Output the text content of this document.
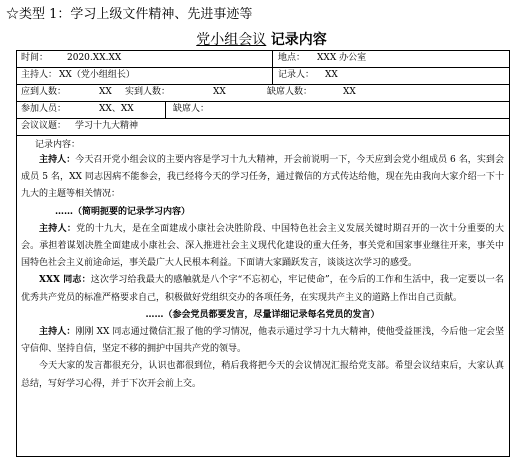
☆类型 1：学习上级文件精神、先进事迹等
党小组会议 记录内容
时间： 2020.XX.XX	地点： XXX 办公室
主持人： XX（党小组组长）	记录人： XX
应到人数：	XX 实到人数：	XX	缺席人数：	XX
参加人员：	XX、XX	缺席人：
会议议题： 学习十九大精神
记录内容：

主持人：今天召开党小组会议的主要内容是学习十九大精神，开会前说明一下，今天应到会党小组成员 6 名，实到会成员 5 名，XX 同志因病不能参会，我已经将今天的学习任务，通过微信的方式传达给他，现在先由我向大家介绍一下十九大的主题等相关情况：

……（简明扼要的记录学习内容）

主持人：党的十九大，是在全面建成小康社会决胜阶段、中国特色社会主义发展关键时期召开的一次十分重要的大会。承担着谋划决胜全面建成小康社会、深入推进社会主义现代化建设的重大任务，事关党和国家事业继往开来，事关中国特色社会主义前途命运，事关最广大人民根本利益。下面请大家踊跃发言，谈谈这次学习的感受。

XXX 同志：这次学习给我最大的感触就是八个字“不忘初心，牢记使命”，在今后的工作和生活中，我一定要以一名优秀共产党员的标准严格要求自己，积极做好党组织交办的各项任务，在实现共产主义的道路上作出自己贡献。

……（参会党员都要发言，尽量详细记录每名党员的发言）

主持人：刚刚 XX 同志通过微信汇报了他的学习情况，他表示通过学习十九大精神，使他受益匪浅，今后他一定会坚守信仰、坚持自信，坚定不移的拥护中国共产党的领导。

今天大家的发言都很充分，认识也都很到位，稍后我将把今天的会议情况汇报给党支部。希望会议结束后，大家认真总结，写好学习心得，并于下次开会前上交。
